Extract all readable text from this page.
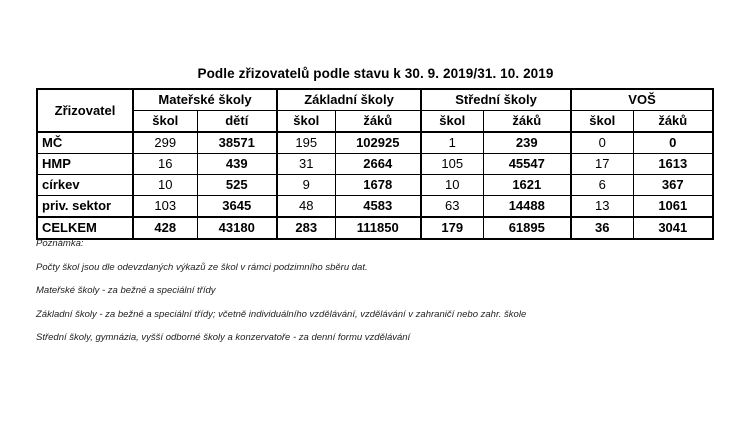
Podle zřizovatelů podle stavu k 30. 9. 2019/31. 10. 2019
Zřizovatel	Mateřské školy		Základní školy		Střední školy		VOŠ	
	škol	dětí	škol	žáků	škol	žáků	škol	žáků
MČ	299	38571	195	102925	1	239	0	0
HMP	16	439	31	2664	105	45547	17	1613
církev	10	525	9	1678	10	1621	6	367
priv. sektor	103	3645	48	4583	63	14488	13	1061
CELKEM	428	43180	283	111850	179	61895	36	3041

Poznámka:

Počty škol jsou dle odevzdaných výkazů ze škol v rámci podzimního sběru dat.

Mateřské školy - za bežné a speciální třídy

Základní školy - za bežné a speciální třídy; včetně individuálního vzdělávání, vzdělávání v zahraničí nebo zahr. škole

Střední školy, gymnázia, vyšší odborné školy a konzervatoře - za denní formu vzdělávání
